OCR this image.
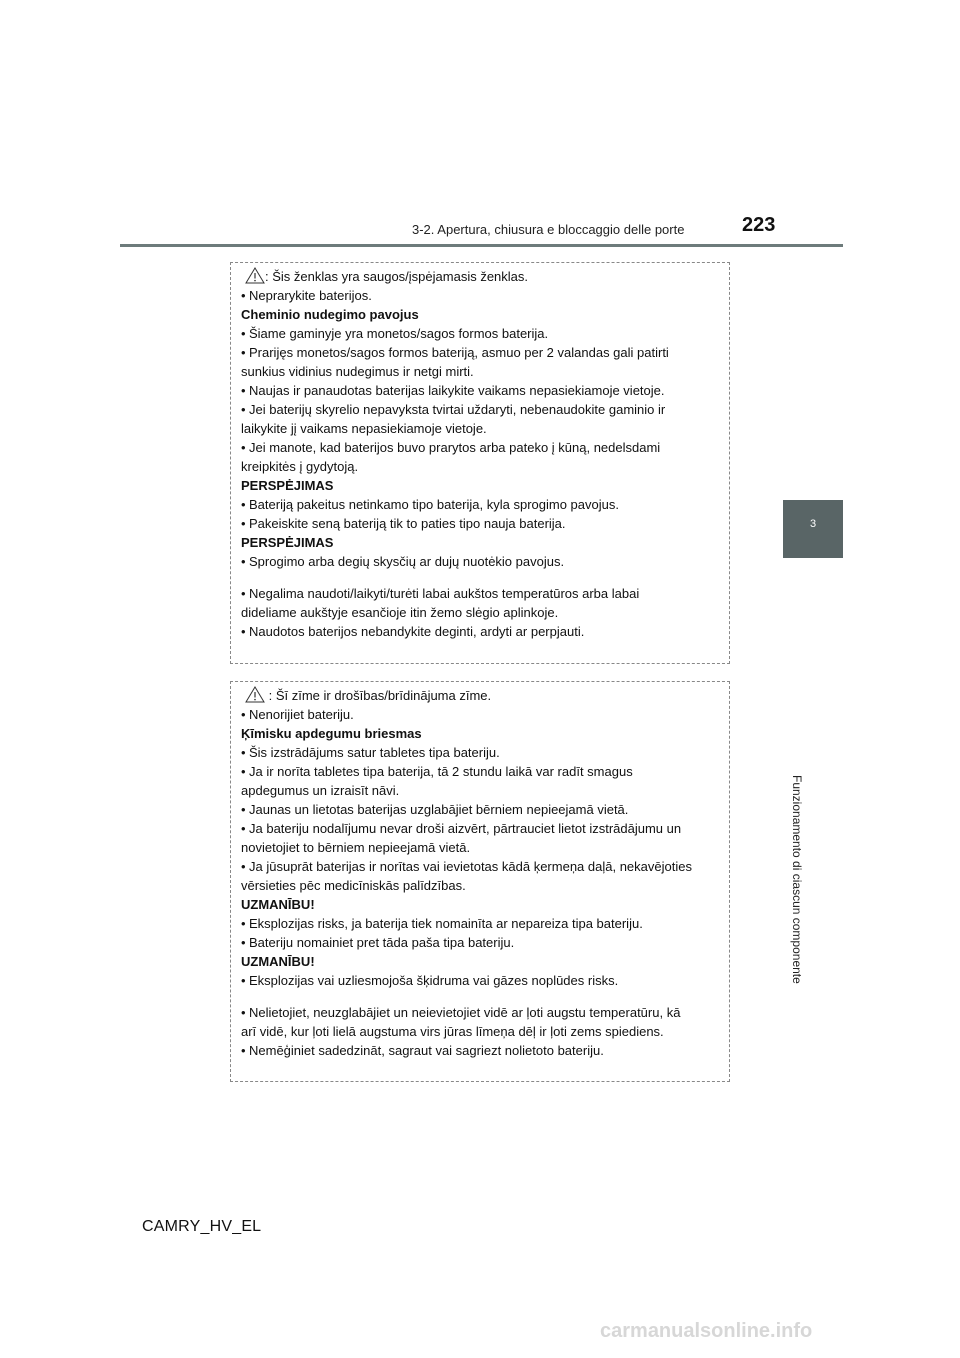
3-2. Apertura, chiusura e bloccaggio delle porte	223
3
Funzionamento di ciascun componente
: Šis ženklas yra saugos/įspėjamasis ženklas.
• Neprarykite baterijos.
Cheminio nudegimo pavojus
• Šiame gaminyje yra monetos/sagos formos baterija.
• Prarijęs monetos/sagos formos bateriją, asmuo per 2 valandas gali patirti
sunkius vidinius nudegimus ir netgi mirti.
• Naujas ir panaudotas baterijas laikykite vaikams nepasiekiamoje vietoje.
• Jei baterijų skyrelio nepavyksta tvirtai uždaryti, nebenaudokite gaminio ir
laikykite jį vaikams nepasiekiamoje vietoje.
• Jei manote, kad baterijos buvo prarytos arba pateko į kūną, nedelsdami
kreipkitės į gydytoją.
PERSPĖJIMAS
• Bateriją pakeitus netinkamo tipo baterija, kyla sprogimo pavojus.
• Pakeiskite seną bateriją tik to paties tipo nauja baterija.
PERSPĖJIMAS
• Sprogimo arba degių skysčių ar dujų nuotėkio pavojus.
• Negalima naudoti/laikyti/turėti labai aukštos temperatūros arba labai
dideliame aukštyje esančioje itin žemo slėgio aplinkoje.
• Naudotos baterijos nebandykite deginti, ardyti ar perpjauti.
: Šī zīme ir drošības/brīdinājuma zīme.
• Nenorijiet bateriju.
Ķīmisku apdegumu briesmas
• Šis izstrādājums satur tabletes tipa bateriju.
• Ja ir norīta tabletes tipa baterija, tā 2 stundu laikā var radīt smagus
apdegumus un izraisīt nāvi.
• Jaunas un lietotas baterijas uzglabājiet bērniem nepieejamā vietā.
• Ja bateriju nodalījumu nevar droši aizvērt, pārtrauciet lietot izstrādājumu un
novietojiet to bērniem nepieejamā vietā.
• Ja jūsuprāt baterijas ir norītas vai ievietotas kādā ķermeņa daļā, nekavējoties
vērsieties pēc medicīniskās palīdzības.
UZMANĪBU!
• Eksplozijas risks, ja baterija tiek nomainīta ar nepareiza tipa bateriju.
• Bateriju nomainiet pret tāda paša tipa bateriju.
UZMANĪBU!
• Eksplozijas vai uzliesmojoša šķidruma vai gāzes noplūdes risks.
• Nelietojiet, neuzglabājiet un neievietojiet vidē ar ļoti augstu temperatūru, kā
arī vidē, kur ļoti lielā augstuma virs jūras līmeņa dēļ ir ļoti zems spiediens.
• Nemēģiniet sadedzināt, sagraut vai sagriezt nolietoto bateriju.
CAMRY_HV_EL
carmanualsonline.info
